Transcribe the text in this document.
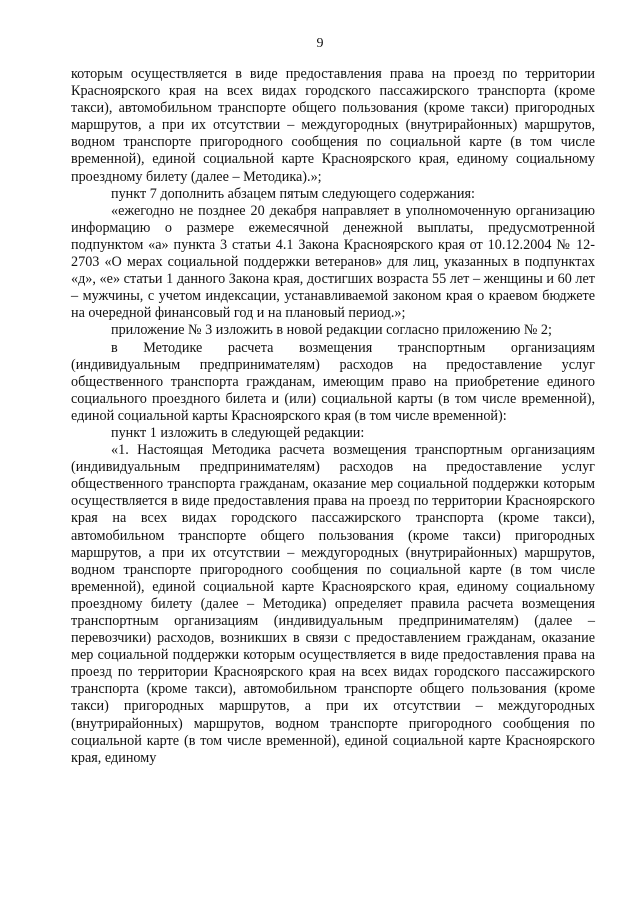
9

которым осуществляется в виде предоставления права на проезд по территории Красноярского края на всех видах городского пассажирского транспорта (кроме такси), автомобильном транспорте общего пользования (кроме такси) пригородных маршрутов, а при их отсутствии – междугородных (внутрирайонных) маршрутов, водном транспорте пригородного сообщения по социальной карте (в том числе временной), единой социальной карте Красноярского края, единому социальному проездному билету (далее – Методика).»;

пункт 7 дополнить абзацем пятым следующего содержания:

«ежегодно не позднее 20 декабря направляет в уполномоченную организацию информацию о размере ежемесячной денежной выплаты, предусмотренной подпунктом «а» пункта 3 статьи 4.1 Закона Красноярского края от 10.12.2004 № 12-2703 «О мерах социальной поддержки ветеранов» для лиц, указанных в подпунктах «д», «е» статьи 1 данного Закона края, достигших возраста 55 лет – женщины и 60 лет – мужчины, с учетом индексации, устанавливаемой законом края о краевом бюджете на очередной финансовый год и на плановый период.»;

приложение № 3 изложить в новой редакции согласно приложению № 2;

в Методике расчета возмещения транспортным организациям (индивидуальным предпринимателям) расходов на предоставление услуг общественного транспорта гражданам, имеющим право на приобретение единого социального проездного билета и (или) социальной карты (в том числе временной), единой социальной карты Красноярского края (в том числе временной):

пункт 1 изложить в следующей редакции:

«1. Настоящая Методика расчета возмещения транспортным организациям (индивидуальным предпринимателям) расходов на предоставление услуг общественного транспорта гражданам, оказание мер социальной поддержки которым осуществляется в виде предоставления права на проезд по территории Красноярского края на всех видах городского пассажирского транспорта (кроме такси), автомобильном транспорте общего пользования (кроме такси) пригородных маршрутов, а при их отсутствии – междугородных (внутрирайонных) маршрутов, водном транспорте пригородного сообщения по социальной карте (в том числе временной), единой социальной карте Красноярского края, единому социальному проездному билету (далее – Методика) определяет правила расчета возмещения транспортным организациям (индивидуальным предпринимателям) (далее – перевозчики) расходов, возникших в связи с предоставлением гражданам, оказание мер социальной поддержки которым осуществляется в виде предоставления права на проезд по территории Красноярского края на всех видах городского пассажирского транспорта (кроме такси), автомобильном транспорте общего пользования (кроме такси) пригородных маршрутов, а при их отсутствии – междугородных (внутрирайонных) маршрутов, водном транспорте пригородного сообщения по социальной карте (в том числе временной), единой социальной карте Красноярского края, единому
